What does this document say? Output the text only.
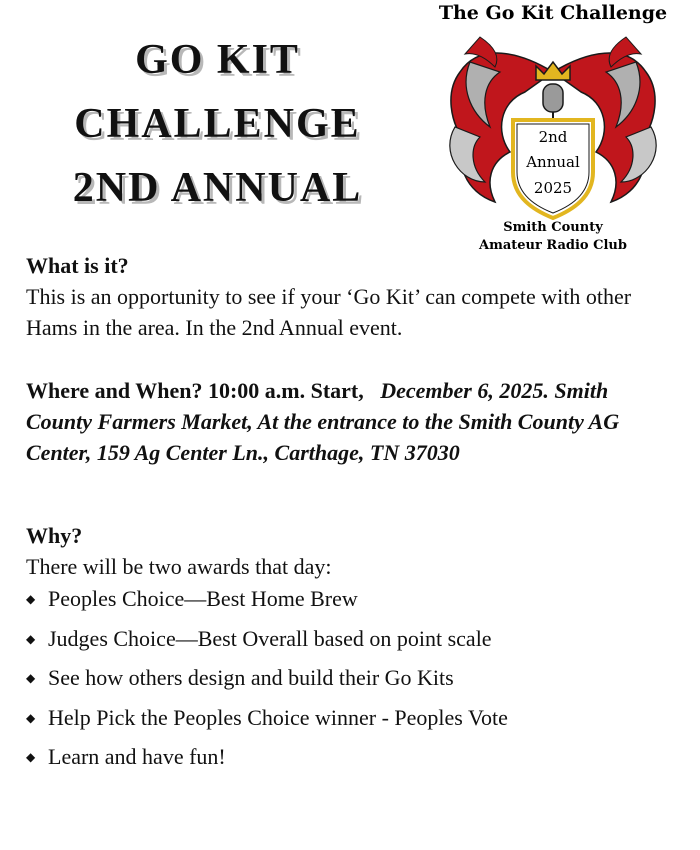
GO KIT
CHALLENGE
2ND ANNUAL
The Go Kit Challenge
2nd
Annual
2025
Smith County
Amateur Radio Club

What is it?

This is an opportunity to see if your ‘Go Kit’ can compete with other Hams in the area. In the 2nd Annual event.

Where and When? 10:00 a.m. Start, December 6, 2025. Smith County Farmers Market, At the entrance to the Smith County AG Center, 159 Ag Center Ln., Carthage, TN 37030

Why?

There will be two awards that day:

◆ Peoples Choice—Best Home Brew
◆ Judges Choice—Best Overall based on point scale
◆ See how others design and build their Go Kits
◆ Help Pick the Peoples Choice winner - Peoples Vote
◆ Learn and have fun!
